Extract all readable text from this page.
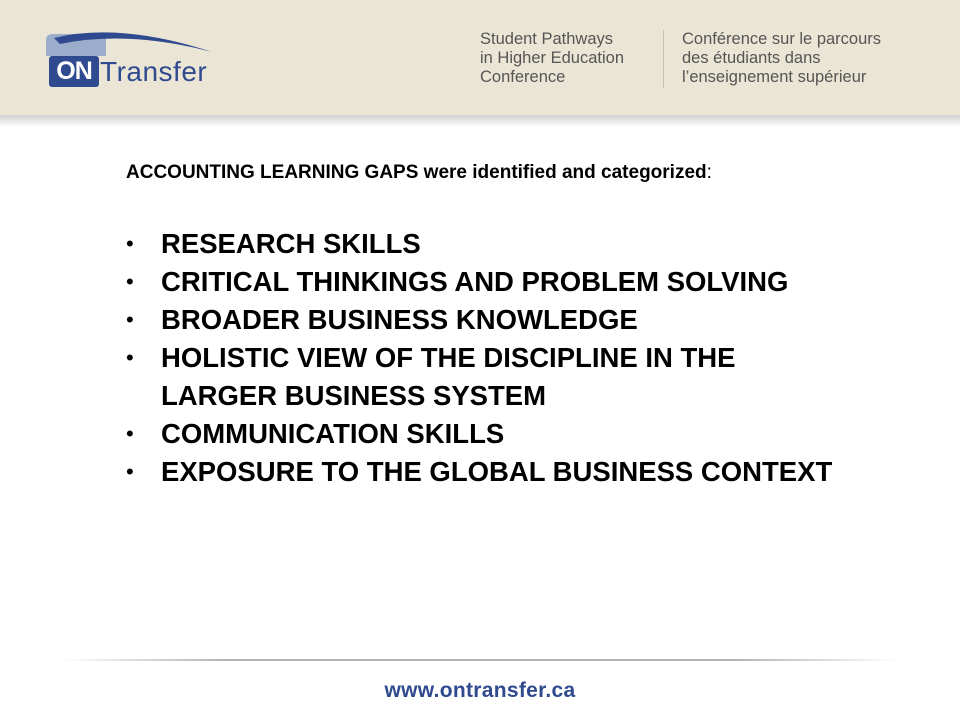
ON Transfer
Student Pathways
in Higher Education
Conference
Conférence sur le parcours
des étudiants dans
l’enseignement supérieur

ACCOUNTING LEARNING GAPS were identified and categorized:

• RESEARCH SKILLS
• CRITICAL THINKINGS AND PROBLEM SOLVING
• BROADER BUSINESS KNOWLEDGE
• HOLISTIC VIEW OF THE DISCIPLINE IN THE LARGER BUSINESS SYSTEM
• COMMUNICATION SKILLS
• EXPOSURE TO THE GLOBAL BUSINESS CONTEXT
www.ontransfer.ca
